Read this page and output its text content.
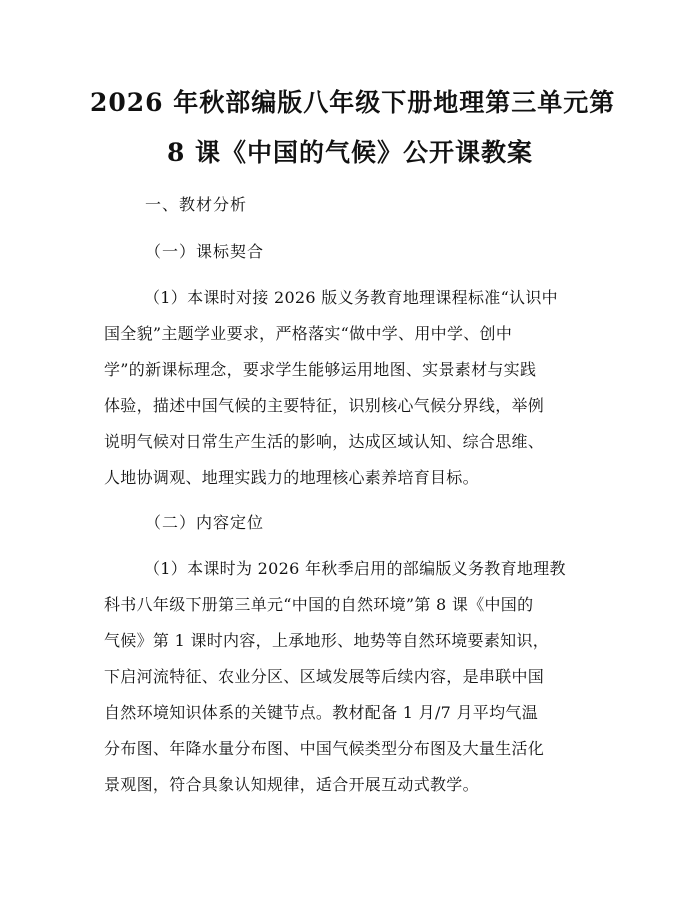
2026 年秋部编版八年级下册地理第三单元第
8 课《中国的气候》公开课教案

一、教材分析

（一）课标契合

（1）本课时对接 2026 版义务教育地理课程标准“认识中
国全貌”主题学业要求，严格落实“做中学、用中学、创中
学”的新课标理念，要求学生能够运用地图、实景素材与实践
体验，描述中国气候的主要特征，识别核心气候分界线，举例
说明气候对日常生产生活的影响，达成区域认知、综合思维、
人地协调观、地理实践力的地理核心素养培育目标。

（二）内容定位

（1）本课时为 2026 年秋季启用的部编版义务教育地理教
科书八年级下册第三单元“中国的自然环境”第 8 课《中国的
气候》第 1 课时内容，上承地形、地势等自然环境要素知识，
下启河流特征、农业分区、区域发展等后续内容，是串联中国
自然环境知识体系的关键节点。教材配备 1 月/7 月平均气温
分布图、年降水量分布图、中国气候类型分布图及大量生活化
景观图，符合具象认知规律，适合开展互动式教学。
